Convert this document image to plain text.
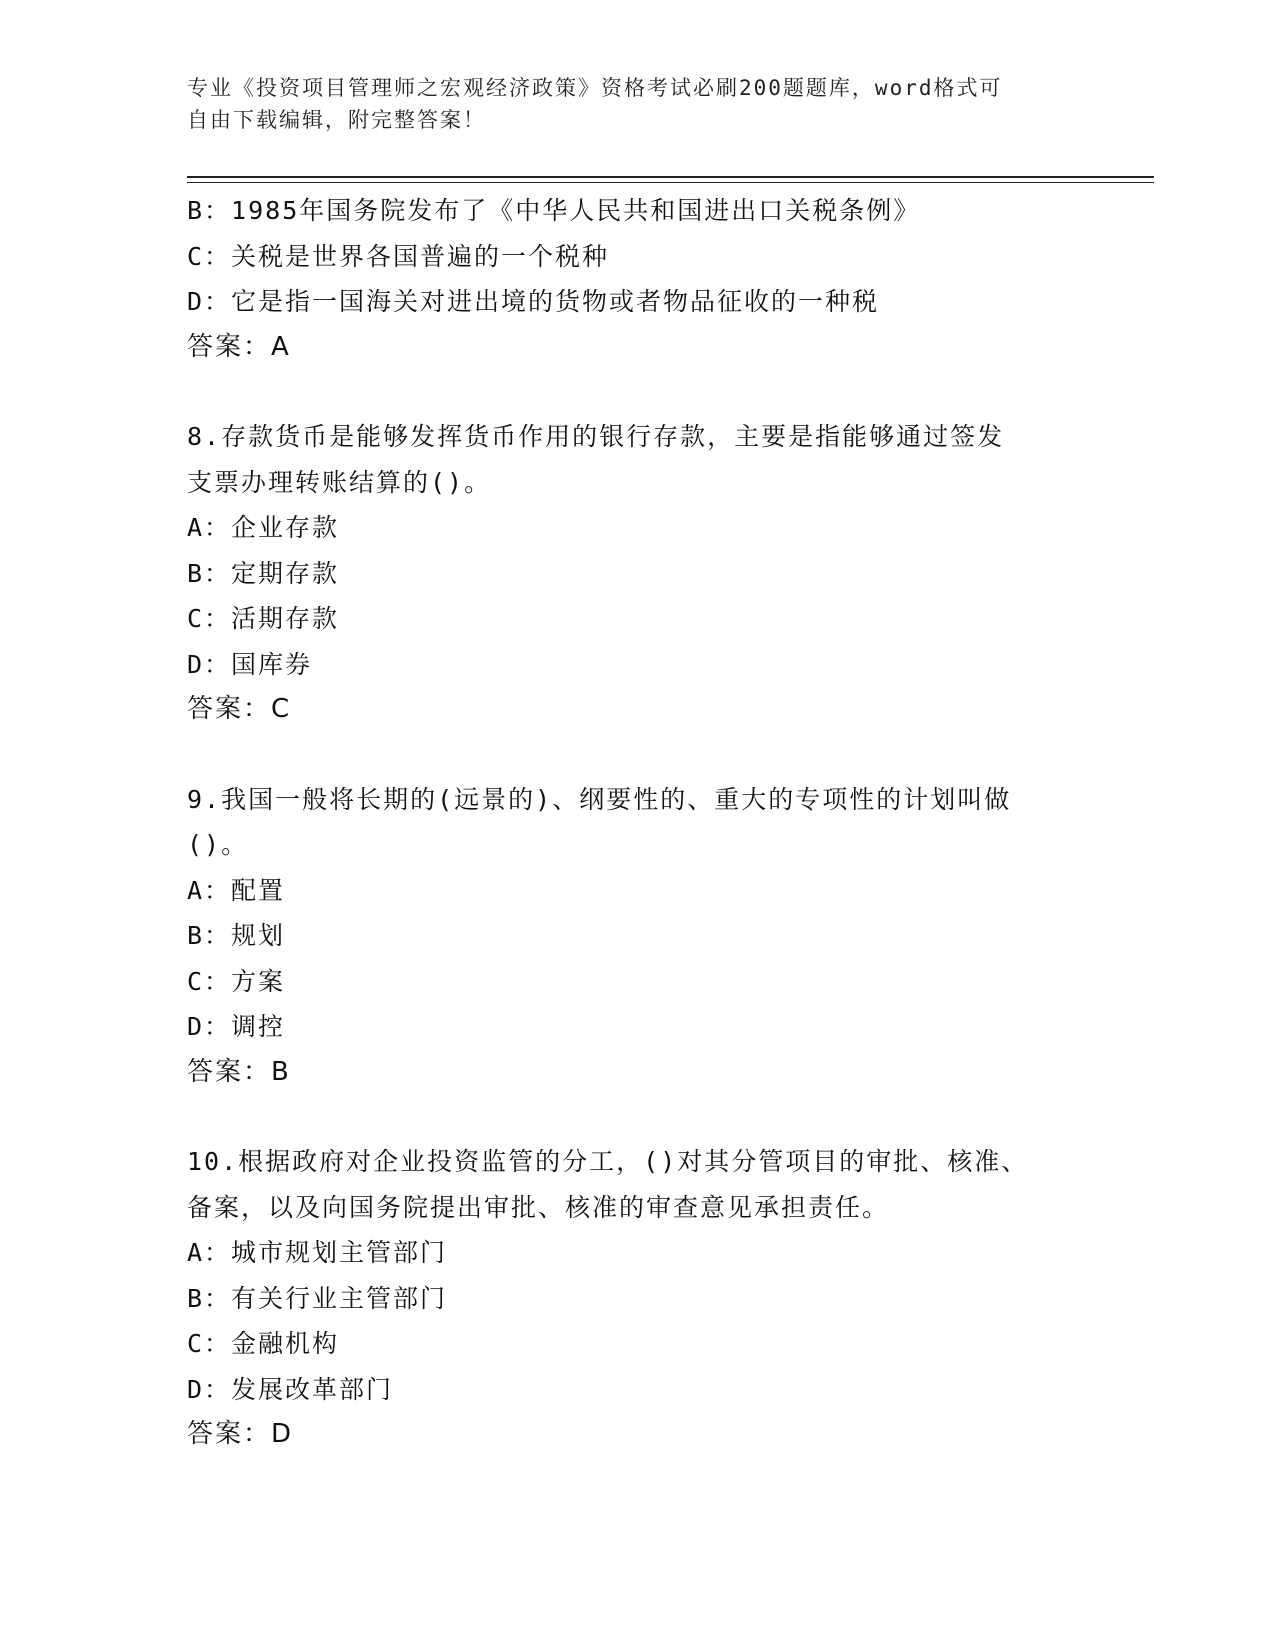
专业《投资项目管理师之宏观经济政策》资格考试必刷200题题库，word格式可
自由下载编辑，附完整答案！
B：1985年国务院发布了《中华人民共和国进出口关税条例》
C：关税是世界各国普遍的一个税种
D：它是指一国海关对进出境的货物或者物品征收的一种税
答案：A
8.存款货币是能够发挥货币作用的银行存款，主要是指能够通过签发
支票办理转账结算的()。
A：企业存款
B：定期存款
C：活期存款
D：国库券
答案：C
9.我国一般将长期的(远景的)、纲要性的、重大的专项性的计划叫做
()。
A：配置
B：规划
C：方案
D：调控
答案：B
10.根据政府对企业投资监管的分工，()对其分管项目的审批、核准、
备案，以及向国务院提出审批、核准的审查意见承担责任。
A：城市规划主管部门
B：有关行业主管部门
C：金融机构
D：发展改革部门
答案：D
